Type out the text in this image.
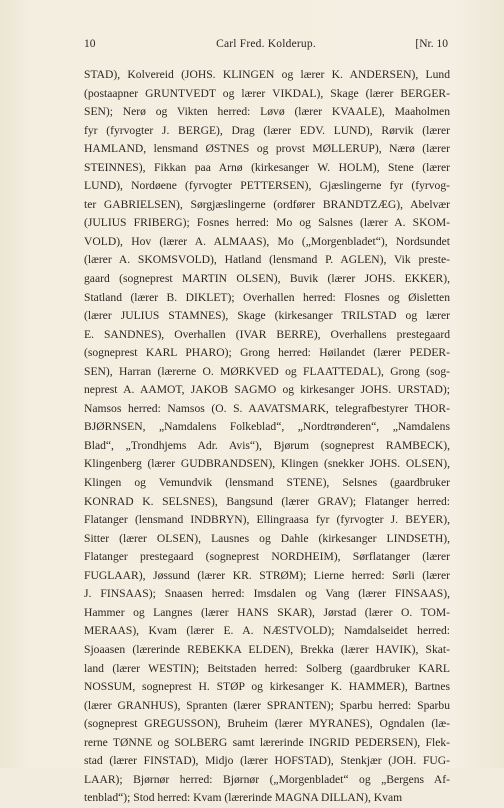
10	Carl Fred. Kolderup.	[Nr. 10
STAD), Kolvereid (JOHS. KLINGEN og lærer K. ANDERSEN), Lund
(postaapner GRUNTVEDT og lærer VIKDAL), Skage (lærer BERGER-
SEN); Nerø og Vikten herred: Løvø (lærer KVAALE), Maaholmen
fyr (fyrvogter J. BERGE), Drag (lærer EDV. LUND), Rørvik (lærer
HAMLAND, lensmand ØSTNES og provst MØLLERUP), Nærø (lærer
STEINNES), Fikkan paa Arnø (kirkesanger W. HOLM), Stene (lærer
LUND), Nordøene (fyrvogter PETTERSEN), Gjæslingerne fyr (fyrvog-
ter GABRIELSEN), Sørgjæslingerne (ordfører BRANDTZÆG), Abelvær
(JULIUS FRIBERG); Fosnes herred: Mo og Salsnes (lærer A. SKOM-
VOLD), Hov (lærer A. ALMAAS), Mo („Morgenbladet“), Nordsundet
(lærer A. SKOMSVOLD), Hatland (lensmand P. AGLEN), Vik preste-
gaard (sogneprest MARTIN OLSEN), Buvik (lærer JOHS. EKKER),
Statland (lærer B. DIKLET); Overhallen herred: Flosnes og Øisletten
(lærer JULIUS STAMNES), Skage (kirkesanger TRILSTAD og lærer
E. SANDNES), Overhallen (IVAR BERRE), Overhallens prestegaard
(sogneprest KARL PHARO); Grong herred: Høilandet (lærer PEDER-
SEN), Harran (lærerne O. MØRKVED og FLAATTEDAL), Grong (sog-
neprest A. AAMOT, JAKOB SAGMO og kirkesanger JOHS. URSTAD);
Namsos herred: Namsos (O. S. AAVATSMARK, telegrafbestyrer THOR-
BJØRNSEN, „Namdalens Folkeblad“, „Nordtrønderen“, „Namdalens
Blad“, „Trondhjems Adr. Avis“), Bjørum (sogneprest RAMBECK),
Klingenberg (lærer GUDBRANDSEN), Klingen (snekker JOHS. OLSEN),
Klingen og Vemundvik (lensmand STENE), Selsnes (gaardbruker
KONRAD K. SELSNES), Bangsund (lærer GRAV); Flatanger herred:
Flatanger (lensmand INDBRYN), Ellingraasa fyr (fyrvogter J. BEYER),
Sitter (lærer OLSEN), Lausnes og Dahle (kirkesanger LINDSETH),
Flatanger prestegaard (sogneprest NORDHEIM), Sørflatanger (lærer
FUGLAAR), Jøssund (lærer KR. STRØM); Lierne herred: Sørli (lærer
J. FINSAAS); Snaasen herred: Imsdalen og Vang (lærer FINSAAS),
Hammer og Langnes (lærer HANS SKAR), Jørstad (lærer O. TOM-
MERAAS), Kvam (lærer E. A. NÆSTVOLD); Namdalseidet herred:
Sjoaasen (lærerinde REBEKKA ELDEN), Brekka (lærer HAVIK), Skat-
land (lærer WESTIN); Beitstaden herred: Solberg (gaardbruker KARL
NOSSUM, sogneprest H. STØP og kirkesanger K. HAMMER), Bartnes
(lærer GRANHUS), Spranten (lærer SPRANTEN); Sparbu herred: Sparbu
(sogneprest GREGUSSON), Bruheim (lærer MYRANES), Ogndalen (læ-
rerne TØNNE og SOLBERG samt lærerinde INGRID PEDERSEN), Flek-
stad (lærer FINSTAD), Midjo (lærer HOFSTAD), Stenkjær (JOH. FUG-
LAAR); Bjørnør herred: Bjørnør („Morgenbladet“ og „Bergens Af-
tenblad“); Stod herred: Kvam (lærerinde MAGNA DILLAN), Kvam
